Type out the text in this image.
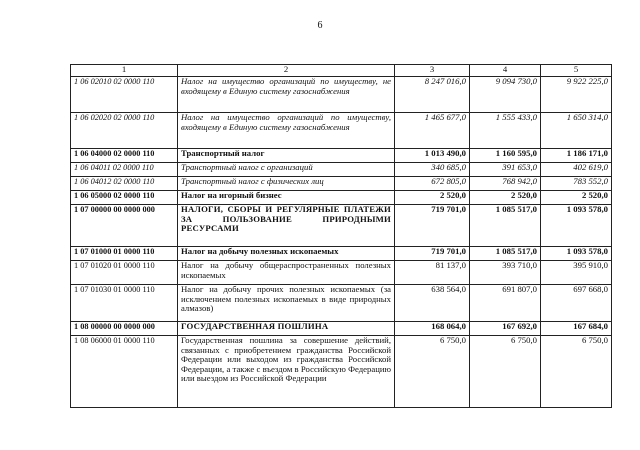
6
1	2	3	4	5
1 06 02010 02 0000 110	Налог на имущество организаций по имуществу, не входящему в Единую систему газоснабжения	8 247 016,0	9 094 730,0	9 922 225,0
1 06 02020 02 0000 110	Налог на имущество организаций по имуществу, входящему в Единую систему газоснабжения	1 465 677,0	1 555 433,0	1 650 314,0
1 06 04000 02 0000 110	Транспортный налог	1 013 490,0	1 160 595,0	1 186 171,0
1 06 04011 02 0000 110	Транспортный налог с организаций	340 685,0	391 653,0	402 619,0
1 06 04012 02 0000 110	Транспортный налог с физических лиц	672 805,0	768 942,0	783 552,0
1 06 05000 02 0000 110	Налог на игорный бизнес	2 520,0	2 520,0	2 520,0
1 07 00000 00 0000 000	НАЛОГИ, СБОРЫ И РЕГУЛЯРНЫЕ ПЛАТЕЖИ ЗА ПОЛЬЗОВАНИЕ ПРИРОДНЫМИ РЕСУРСАМИ	719 701,0	1 085 517,0	1 093 578,0
1 07 01000 01 0000 110	Налог на добычу полезных ископаемых	719 701,0	1 085 517,0	1 093 578,0
1 07 01020 01 0000 110	Налог на добычу общераспространенных полезных ископаемых	81 137,0	393 710,0	395 910,0
1 07 01030 01 0000 110	Налог на добычу прочих полезных ископаемых (за исключением полезных ископаемых в виде природных алмазов)	638 564,0	691 807,0	697 668,0
1 08 00000 00 0000 000	ГОСУДАРСТВЕННАЯ ПОШЛИНА	168 064,0	167 692,0	167 684,0
1 08 06000 01 0000 110	Государственная пошлина за совершение действий, связанных с приобретением гражданства Российской Федерации или выходом из гражданства Российской Федерации, а также с въездом в Российскую Федерацию или выездом из Российской Федерации	6 750,0	6 750,0	6 750,0
